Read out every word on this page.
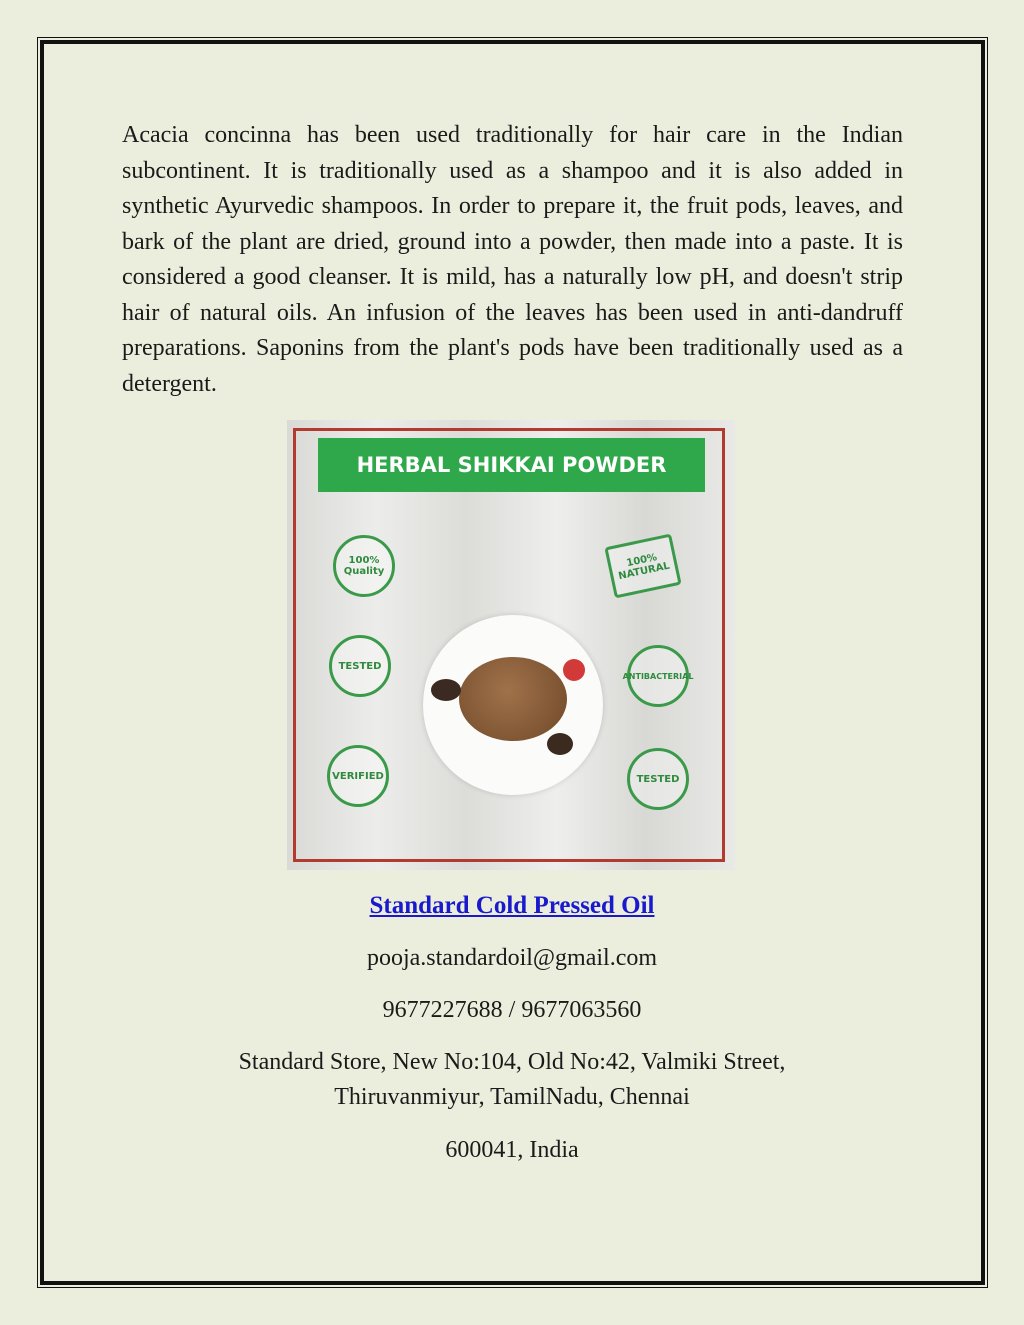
Acacia concinna has been used traditionally for hair care in the Indian subcontinent. It is traditionally used as a shampoo and it is also added in synthetic Ayurvedic shampoos. In order to prepare it, the fruit pods, leaves, and bark of the plant are dried, ground into a powder, then made into a paste. It is considered a good cleanser. It is mild, has a naturally low pH, and doesn't strip hair of natural oils. An infusion of the leaves has been used in anti-dandruff preparations. Saponins from the plant's pods have been traditionally used as a detergent.

HERBAL SHIKKAI POWDER
100% Quality
100% NATURAL
TESTED
ANTIBACTERIAL
VERIFIED	TESTED
Standard Cold Pressed Oil
pooja.standardoil@gmail.com
9677227688 / 9677063560
Standard Store, New No:104, Old No:42, Valmiki Street,
Thiruvanmiyur, TamilNadu, Chennai
600041, India
